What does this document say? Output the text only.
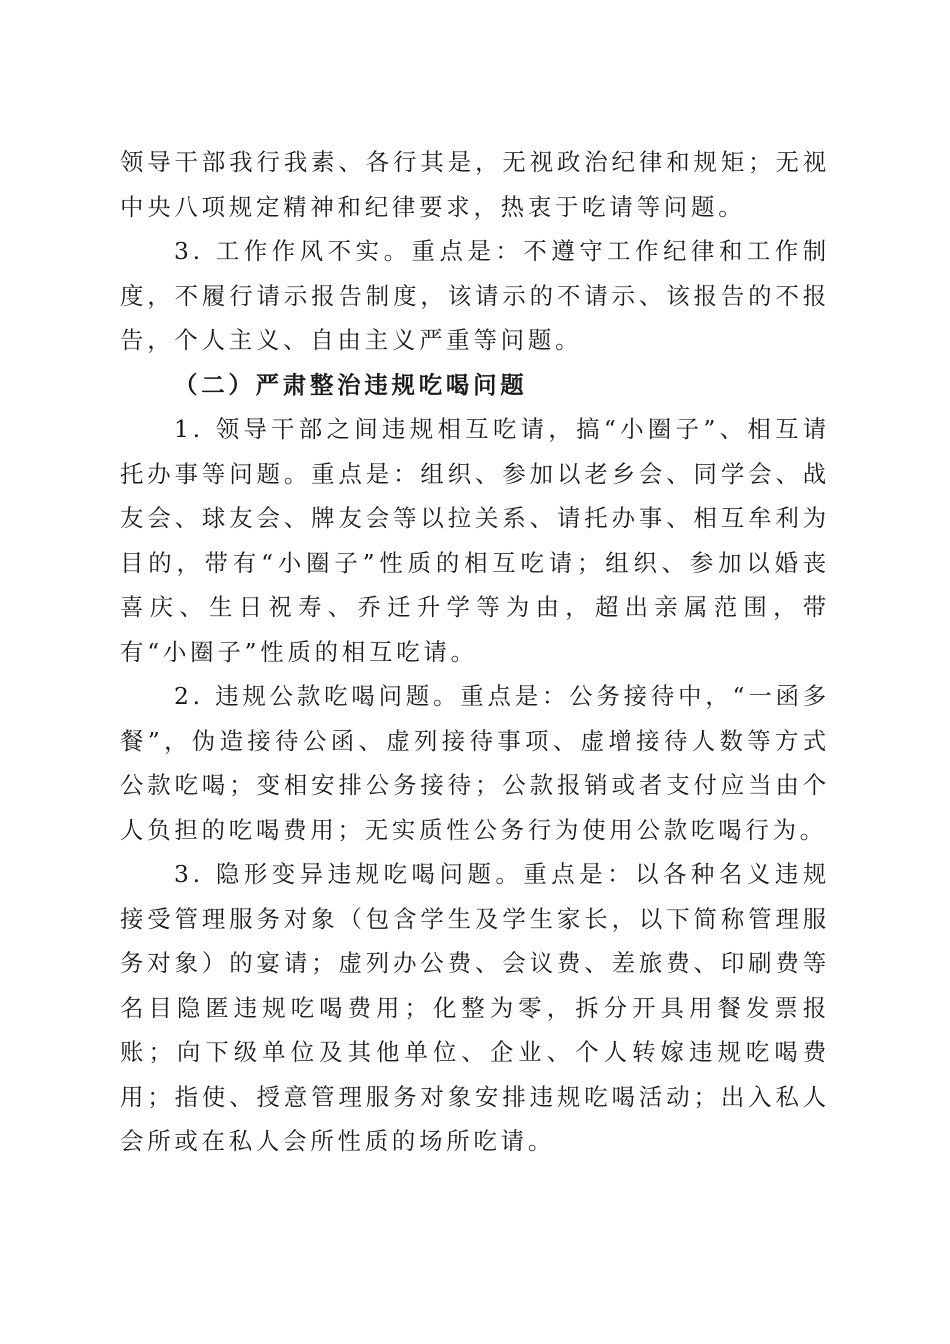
领导干部我行我素、各行其是，无视政治纪律和规矩；无视中央八项规定精神和纪律要求，热衷于吃请等问题。

3. 工作作风不实。重点是：不遵守工作纪律和工作制度，不履行请示报告制度，该请示的不请示、该报告的不报告，个人主义、自由主义严重等问题。

（二）严肃整治违规吃喝问题

1. 领导干部之间违规相互吃请，搞“小圈子”、相互请托办事等问题。重点是：组织、参加以老乡会、同学会、战友会、球友会、牌友会等以拉关系、请托办事、相互牟利为目的，带有“小圈子”性质的相互吃请；组织、参加以婚丧喜庆、生日祝寿、乔迁升学等为由，超出亲属范围，带有“小圈子”性质的相互吃请。

2. 违规公款吃喝问题。重点是：公务接待中，“一函多餐”，伪造接待公函、虚列接待事项、虚增接待人数等方式公款吃喝；变相安排公务接待；公款报销或者支付应当由个人负担的吃喝费用；无实质性公务行为使用公款吃喝行为。

3. 隐形变异违规吃喝问题。重点是：以各种名义违规接受管理服务对象（包含学生及学生家长，以下简称管理服务对象）的宴请；虚列办公费、会议费、差旅费、印刷费等名目隐匿违规吃喝费用；化整为零，拆分开具用餐发票报账；向下级单位及其他单位、企业、个人转嫁违规吃喝费用；指使、授意管理服务对象安排违规吃喝活动；出入私人会所或在私人会所性质的场所吃请。
